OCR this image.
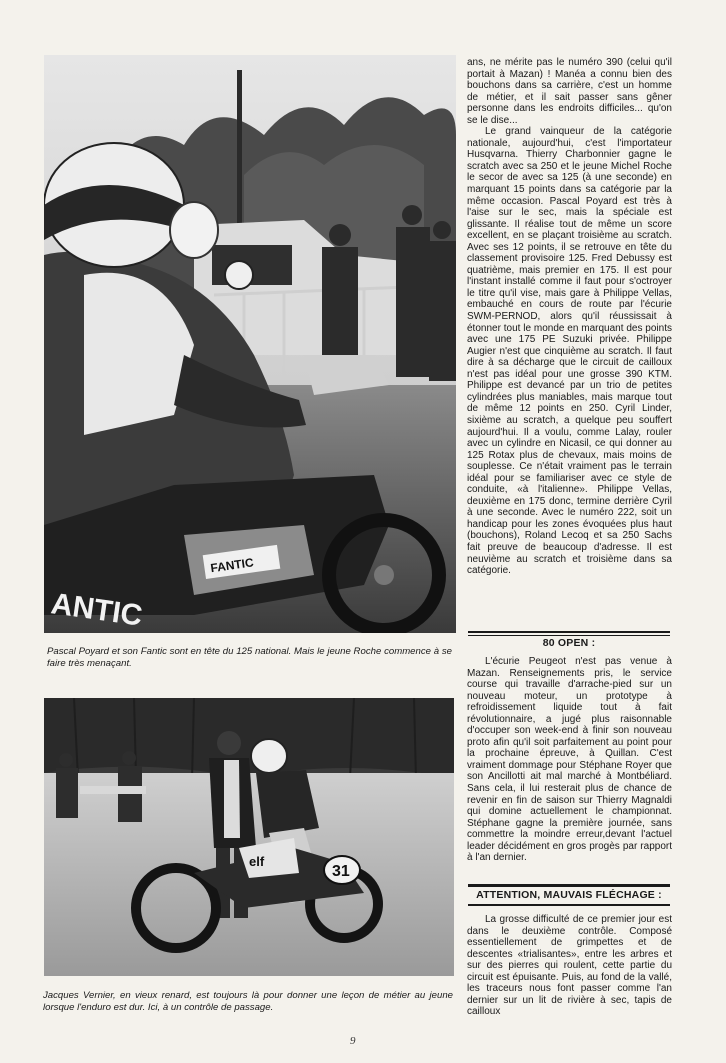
FANTIC
ANTIC
Pascal Poyard et son Fantic sont en tête du 125 national. Mais le jeune Roche commence à se faire très menaçant.
elf
31
Jacques Vernier, en vieux renard, est toujours là pour donner une leçon de métier au jeune lorsque l'enduro est dur. Ici, à un contrôle de passage.

ans, ne mérite pas le numéro 390 (celui qu'il portait à Mazan) ! Manéa a connu bien des bouchons dans sa carrière, c'est un homme de métier, et il sait passer sans gêner personne dans les endroits difficiles... qu'on se le dise...

Le grand vainqueur de la catégorie nationale, aujourd'hui, c'est l'importateur Husqvarna. Thierry Charbonnier gagne le scratch avec sa 250 et le jeune Michel Roche le secor de avec sa 125 (à une seconde) en marquant 15 points dans sa catégorie par la même occasion. Pascal Poyard est très à l'aise sur le sec, mais la spéciale est glissante. Il réalise tout de même un score excellent, en se plaçant troisième au scratch. Avec ses 12 points, il se retrouve en tête du classement provisoire 125. Fred Debussy est quatrième, mais premier en 175. Il est pour l'instant installé comme il faut pour s'octroyer le titre qu'il vise, mais gare à Philippe Vellas, embauché en cours de route par l'écurie SWM-PERNOD, alors qu'il réussissait à étonner tout le monde en marquant des points avec une 175 PE Suzuki privée. Philippe Augier n'est que cinquième au scratch. Il faut dire à sa décharge que le circuit de cailloux n'est pas idéal pour une grosse 390 KTM. Philippe est devancé par un trio de petites cylindrées plus maniables, mais marque tout de même 12 points en 250. Cyril Linder, sixième au scratch, a quelque peu souffert aujourd'hui. Il a voulu, comme Lalay, rouler avec un cylindre en Nicasil, ce qui donner au 125 Rotax plus de chevaux, mais moins de souplesse. Ce n'était vraiment pas le terrain idéal pour se familiariser avec ce style de conduite, «à l'italienne». Philippe Vellas, deuxième en 175 donc, termine derrière Cyril à une seconde. Avec le numéro 222, soit un handicap pour les zones évoquées plus haut (bouchons), Roland Lecoq et sa 250 Sachs fait preuve de beaucoup d'adresse. Il est neuvième au scratch et troisième dans sa catégorie.

80 OPEN :

L'écurie Peugeot n'est pas venue à Mazan. Renseignements pris, le service course qui travaille d'arrache-pied sur un nouveau moteur, un prototype à refroidissement liquide tout à fait révolutionnaire, a jugé plus raisonnable d'occuper son week-end à finir son nouveau proto afin qu'il soit parfaitement au point pour la prochaine épreuve, à Quillan. C'est vraiment dommage pour Stéphane Royer que son Ancillotti ait mal marché à Montbéliard. Sans cela, il lui resterait plus de chance de revenir en fin de saison sur Thierry Magnaldi qui domine actuellement le championnat. Stéphane gagne la première journée, sans commettre la moindre erreur,devant l'actuel leader décidément en gros progès par rapport à l'an dernier.

ATTENTION, MAUVAIS FLÉCHAGE :

La grosse difficulté de ce premier jour est dans le deuxième contrôle. Composé essentiellement de grimpettes et de descentes «trialisantes», entre les arbres et sur des pierres qui roulent, cette partie du circuit est épuisante. Puis, au fond de la vallé, les traceurs nous font passer comme l'an dernier sur un lit de rivière à sec, tapis de cailloux

9
